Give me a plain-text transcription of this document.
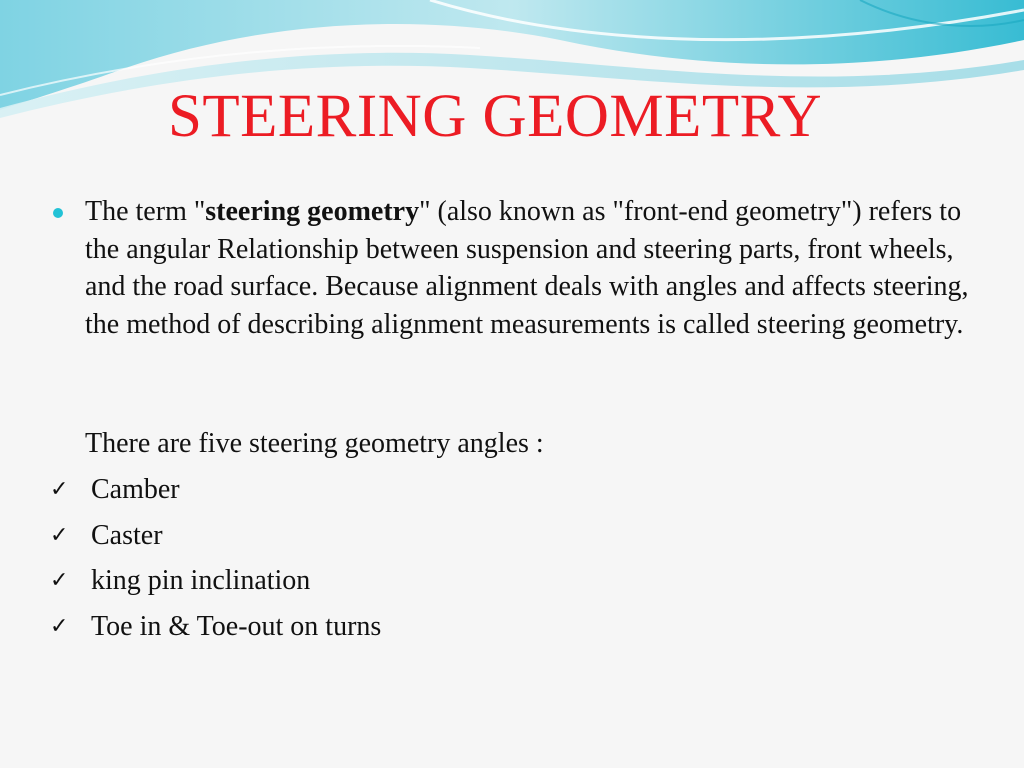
STEERING GEOMETRY
The term "steering geometry" (also known as "front-end geometry") refers to the angular Relationship between suspension and steering parts, front wheels, and the road surface. Because alignment deals with angles and affects steering, the method of describing alignment measurements is called steering geometry.
There are five steering geometry angles :
✓ Camber
✓ Caster
✓ king pin inclination
✓ Toe in & Toe-out on turns
